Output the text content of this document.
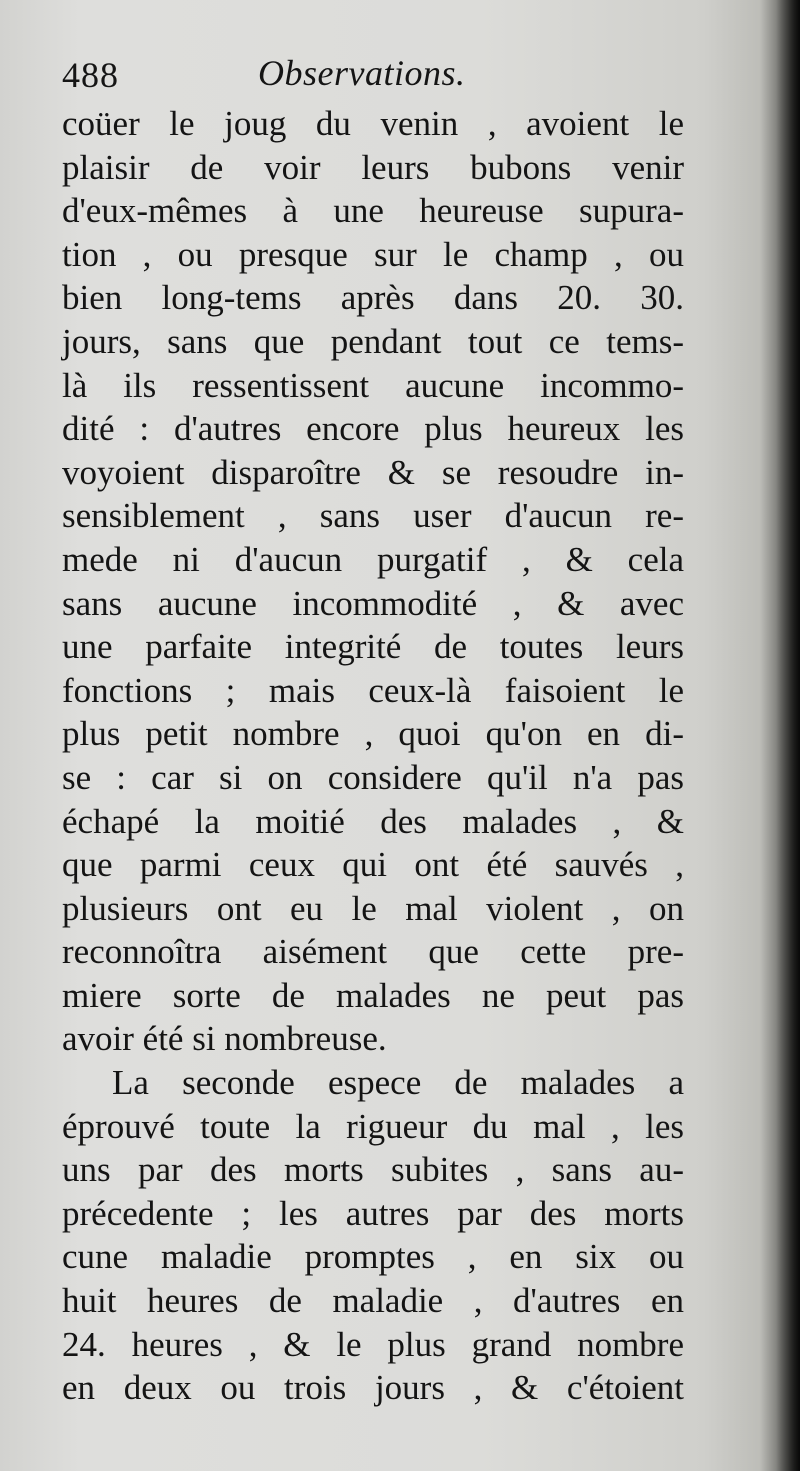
488	Observations.
coüer le joug du venin , avoient le
plaisir de voir leurs bubons venir
d'eux-mêmes à une heureuse supura-
tion , ou presque sur le champ , ou
bien long-tems après dans 20. 30.
jours, sans que pendant tout ce tems-
là ils ressentissent aucune incommo-
dité : d'autres encore plus heureux les
voyoient disparoître & se resoudre in-
sensiblement , sans user d'aucun re-
mede ni d'aucun purgatif , & cela
sans aucune incommodité , & avec
une parfaite integrité de toutes leurs
fonctions ; mais ceux-là faisoient le
plus petit nombre , quoi qu'on en di-
se : car si on considere qu'il n'a pas
échapé la moitié des malades , &
que parmi ceux qui ont été sauvés ,
plusieurs ont eu le mal violent , on
reconnoîtra aisément que cette pre-
miere sorte de malades ne peut pas
avoir été si nombreuse.
La seconde espece de malades a
éprouvé toute la rigueur du mal , les
uns par des morts subites , sans au-
précedente ; les autres par des morts
cune maladie promptes , en six ou
huit heures de maladie , d'autres en
24. heures , & le plus grand nombre
en deux ou trois jours , & c'étoient
